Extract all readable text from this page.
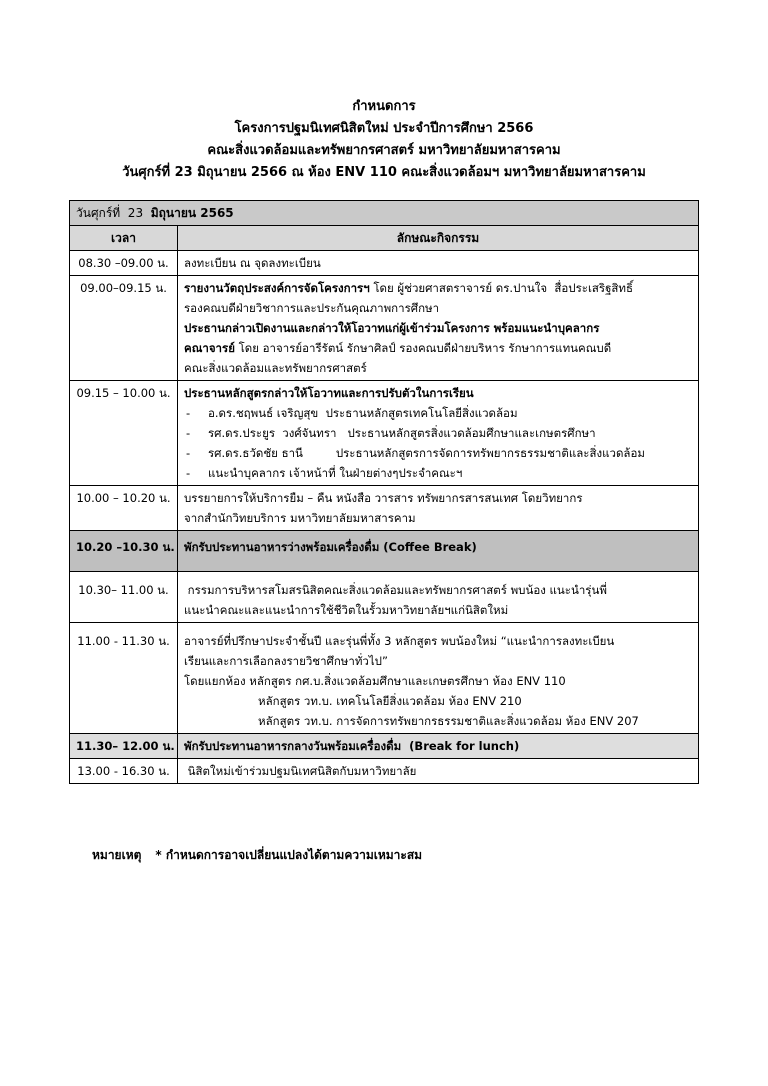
กำหนดการ
โครงการปฐมนิเทศนิสิตใหม่ ประจำปีการศึกษา 2566
คณะสิ่งแวดล้อมและทรัพยากรศาสตร์ มหาวิทยาลัยมหาสารคาม
วันศุกร์ที่ 23 มิถุนายน 2566 ณ ห้อง ENV 110 คณะสิ่งแวดล้อมฯ มหาวิทยาลัยมหาสารคาม
วันศุกร์ที่  23  มิถุนายน 2565	
เวลา	ลักษณะกิจกรรม
08.30 –09.00 น.	ลงทะเบียน ณ จุดลงทะเบียน

09.00–09.15 น.	รายงานวัตถุประสงค์การจัดโครงการฯ โดย ผู้ช่วยศาสตราจารย์ ดร.ปานใจ  สื่อประเสริฐสิทธิ์
รองคณบดีฝ่ายวิชาการและประกันคุณภาพการศึกษา
ประธานกล่าวเปิดงานและกล่าวให้โอวาทแก่ผู้เข้าร่วมโครงการ พร้อมแนะนำบุคลากร
คณาจารย์ โดย อาจารย์อารีรัตน์ รักษาศิลป์ รองคณบดีฝ่ายบริหาร รักษาการแทนคณบดี
คณะสิ่งแวดล้อมและทรัพยากรศาสตร์

09.15 – 10.00 น.	ประธานหลักสูตรกล่าวให้โอวาทและการปรับตัวในการเรียน
- อ.ดร.ชฤพนธ์ เจริญสุข  ประธานหลักสูตรเทคโนโลยีสิ่งแวดล้อม
- รศ.ดร.ประยูร  วงศ์จันทรา   ประธานหลักสูตรสิ่งแวดล้อมศึกษาและเกษตรศึกษา
- รศ.ดร.ธวัดชัย ธานี         ประธานหลักสูตรการจัดการทรัพยากรธรรมชาติและสิ่งแวดล้อม
- แนะนำบุคลากร เจ้าหน้าที่ ในฝ่ายต่างๆประจำคณะฯ

10.00 – 10.20 น.	บรรยายการให้บริการยืม – คืน หนังสือ วารสาร ทรัพยากรสารสนเทศ โดยวิทยากร
จากสำนักวิทยบริการ มหาวิทยาลัยมหาสารคาม

10.20 –10.30 น.	พักรับประทานอาหารว่างพร้อมเครื่องดื่ม (Coffee Break)

10.30– 11.00 น.	กรรมการบริหารสโมสรนิสิตคณะสิ่งแวดล้อมและทรัพยากรศาสตร์ พบน้อง แนะนำรุ่นพี่
แนะนำคณะและแนะนำการใช้ชีวิตในรั้วมหาวิทยาลัยฯแก่นิสิตใหม่

11.00 - 11.30 น.	อาจารย์ที่ปรึกษาประจำชั้นปี และรุ่นพี่ทั้ง 3 หลักสูตร พบน้องใหม่ “แนะนำการลงทะเบียน
เรียนและการเลือกลงรายวิชาศึกษาทั่วไป”
โดยแยกห้อง หลักสูตร กศ.บ.สิ่งแวดล้อมศึกษาและเกษตรศึกษา ห้อง ENV 110
หลักสูตร วท.บ. เทคโนโลยีสิ่งแวดล้อม ห้อง ENV 210
หลักสูตร วท.บ. การจัดการทรัพยากรธรรมชาติและสิ่งแวดล้อม ห้อง ENV 207

11.30– 12.00 น.	พักรับประทานอาหารกลางวันพร้อมเครื่องดื่ม  (Break for lunch)

13.00 - 16.30 น.	นิสิตใหม่เข้าร่วมปฐมนิเทศนิสิตกับมหาวิทยาลัย
หมายเหตุ * กำหนดการอาจเปลี่ยนแปลงได้ตามความเหมาะสม
